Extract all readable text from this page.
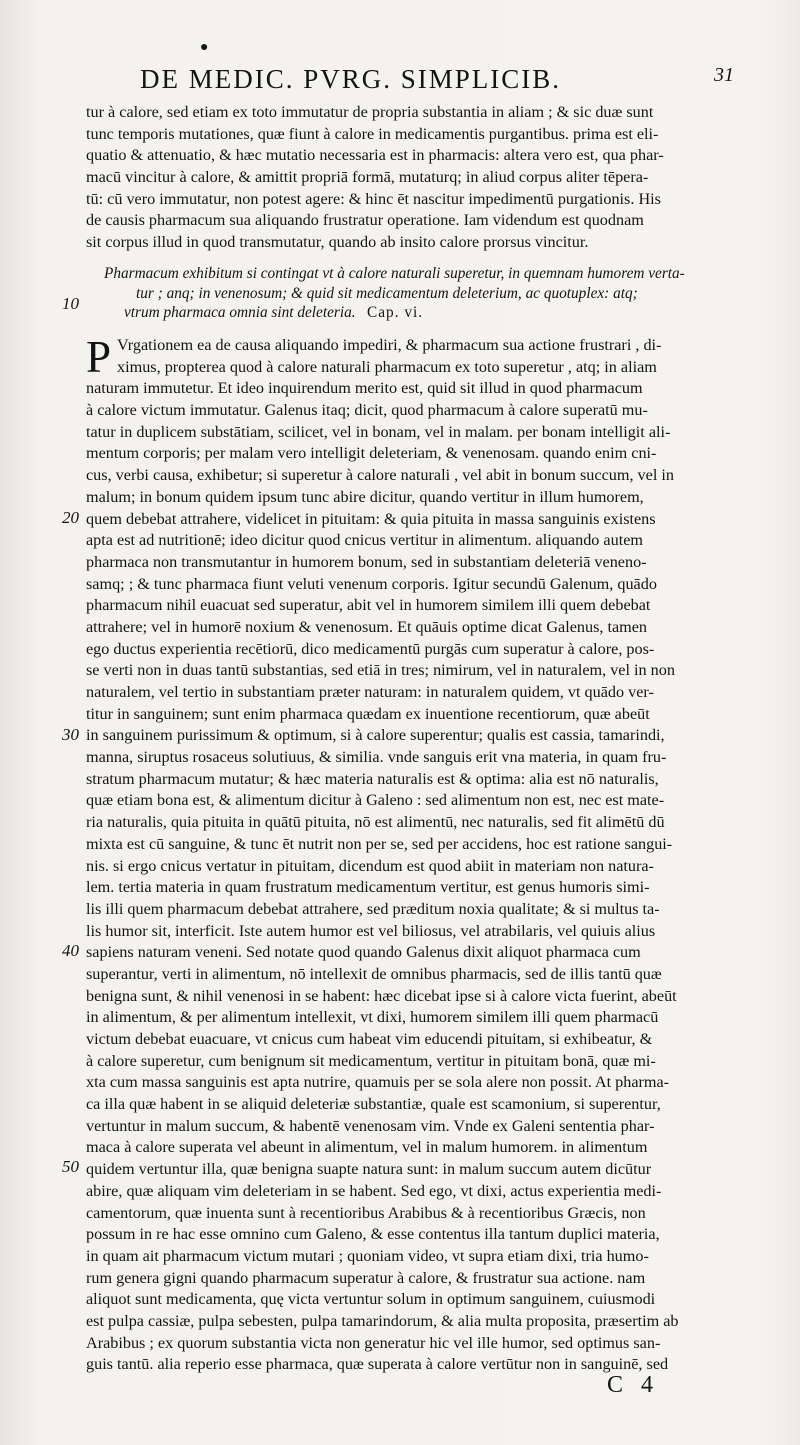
●
DE MEDIC. PVRG. SIMPLICIB.	31
tur à calore, sed etiam ex toto immutatur de propria substantia in aliam ; & sic duæ sunt
tunc temporis mutationes, quæ fiunt à calore in medicamentis purgantibus. prima est eli-
quatio & attenuatio, & hæc mutatio necessaria est in pharmacis: altera vero est, qua phar-
macū vincitur à calore, & amittit propriā formā, mutaturq; in aliud corpus aliter tēpera-
tū: cū vero immutatur, non potest agere: & hinc ēt nascitur impedimentū purgationis. His
de causis pharmacum sua aliquando frustratur operatione. Iam videndum est quodnam
sit corpus illud in quod transmutatur, quando ab insito calore prorsus vincitur.
Pharmacum exhibitum si contingat vt à calore naturali superetur, in quemnam humorem verta-
tur ; anq; in venenosum; & quid sit medicamentum deleterium, ac quotuplex: atq;
vtrum pharmaca omnia sint deleteria. Cap. vi.
P Vrgationem ea de causa aliquando impediri, & pharmacum sua actione frustrari , di-
ximus, propterea quod à calore naturali pharmacum ex toto superetur , atq; in aliam
naturam immutetur. Et ideo inquirendum merito est, quid sit illud in quod pharmacum
à calore victum immutatur. Galenus itaq; dicit, quod pharmacum à calore superatū mu-
tatur in duplicem substātiam, scilicet, vel in bonam, vel in malam. per bonam intelligit ali-
mentum corporis; per malam vero intelligit deleteriam, & venenosam. quando enim cni-
cus, verbi causa, exhibetur; si superetur à calore naturali , vel abit in bonum succum, vel in
malum; in bonum quidem ipsum tunc abire dicitur, quando vertitur in illum humorem,
quem debebat attrahere, videlicet in pituitam: & quia pituita in massa sanguinis existens
apta est ad nutritionē; ideo dicitur quod cnicus vertitur in alimentum. aliquando autem
pharmaca non transmutantur in humorem bonum, sed in substantiam deleteriā veneno-
samq; ; & tunc pharmaca fiunt veluti venenum corporis. Igitur secundū Galenum, quādo
pharmacum nihil euacuat sed superatur, abit vel in humorem similem illi quem debebat
attrahere; vel in humorē noxium & venenosum. Et quāuis optime dicat Galenus, tamen
ego ductus experientia recētiorū, dico medicamentū purgās cum superatur à calore, pos-
se verti non in duas tantū substantias, sed etiā in tres; nimirum, vel in naturalem, vel in non
naturalem, vel tertio in substantiam præter naturam: in naturalem quidem, vt quādo ver-
titur in sanguinem; sunt enim pharmaca quædam ex inuentione recentiorum, quæ abeūt
in sanguinem purissimum & optimum, si à calore superentur; qualis est cassia, tamarindi,
manna, siruptus rosaceus solutiuus, & similia. vnde sanguis erit vna materia, in quam fru-
stratum pharmacum mutatur; & hæc materia naturalis est & optima: alia est nō naturalis,
quæ etiam bona est, & alimentum dicitur à Galeno : sed alimentum non est, nec est mate-
ria naturalis, quia pituita in quātū pituita, nō est alimentū, nec naturalis, sed fit alimētū dū
mixta est cū sanguine, & tunc ēt nutrit non per se, sed per accidens, hoc est ratione sangui-
nis. si ergo cnicus vertatur in pituitam, dicendum est quod abiit in materiam non natura-
lem. tertia materia in quam frustratum medicamentum vertitur, est genus humoris simi-
lis illi quem pharmacum debebat attrahere, sed præditum noxia qualitate; & si multus ta-
lis humor sit, interficit. Iste autem humor est vel biliosus, vel atrabilaris, vel quiuis alius
sapiens naturam veneni. Sed notate quod quando Galenus dixit aliquot pharmaca cum
superantur, verti in alimentum, nō intellexit de omnibus pharmacis, sed de illis tantū quæ
benigna sunt, & nihil venenosi in se habent: hæc dicebat ipse si à calore victa fuerint, abeūt
in alimentum, & per alimentum intellexit, vt dixi, humorem similem illi quem pharmacū
victum debebat euacuare, vt cnicus cum habeat vim educendi pituitam, si exhibeatur, &
à calore superetur, cum benignum sit medicamentum, vertitur in pituitam bonā, quæ mi-
xta cum massa sanguinis est apta nutrire, quamuis per se sola alere non possit. At pharma-
ca illa quæ habent in se aliquid deleteriæ substantiæ, quale est scamonium, si superentur,
vertuntur in malum succum, & habentē venenosam vim. Vnde ex Galeni sententia phar-
maca à calore superata vel abeunt in alimentum, vel in malum humorem. in alimentum
quidem vertuntur illa, quæ benigna suapte natura sunt: in malum succum autem dicūtur
abire, quæ aliquam vim deleteriam in se habent. Sed ego, vt dixi, actus experientia medi-
camentorum, quæ inuenta sunt à recentioribus Arabibus & à recentioribus Græcis, non
possum in re hac esse omnino cum Galeno, & esse contentus illa tantum duplici materia,
in quam ait pharmacum victum mutari ; quoniam video, vt supra etiam dixi, tria humo-
rum genera gigni quando pharmacum superatur à calore, & frustratur sua actione. nam
aliquot sunt medicamenta, quę victa vertuntur solum in optimum sanguinem, cuiusmodi
est pulpa cassiæ, pulpa sebesten, pulpa tamarindorum, & alia multa proposita, præsertim ab
Arabibus ; ex quorum substantia victa non generatur hic vel ille humor, sed optimus san-
guis tantū. alia reperio esse pharmaca, quæ superata à calore vertūtur non in sanguinē, sed
10
20
30
40
50
C 4
